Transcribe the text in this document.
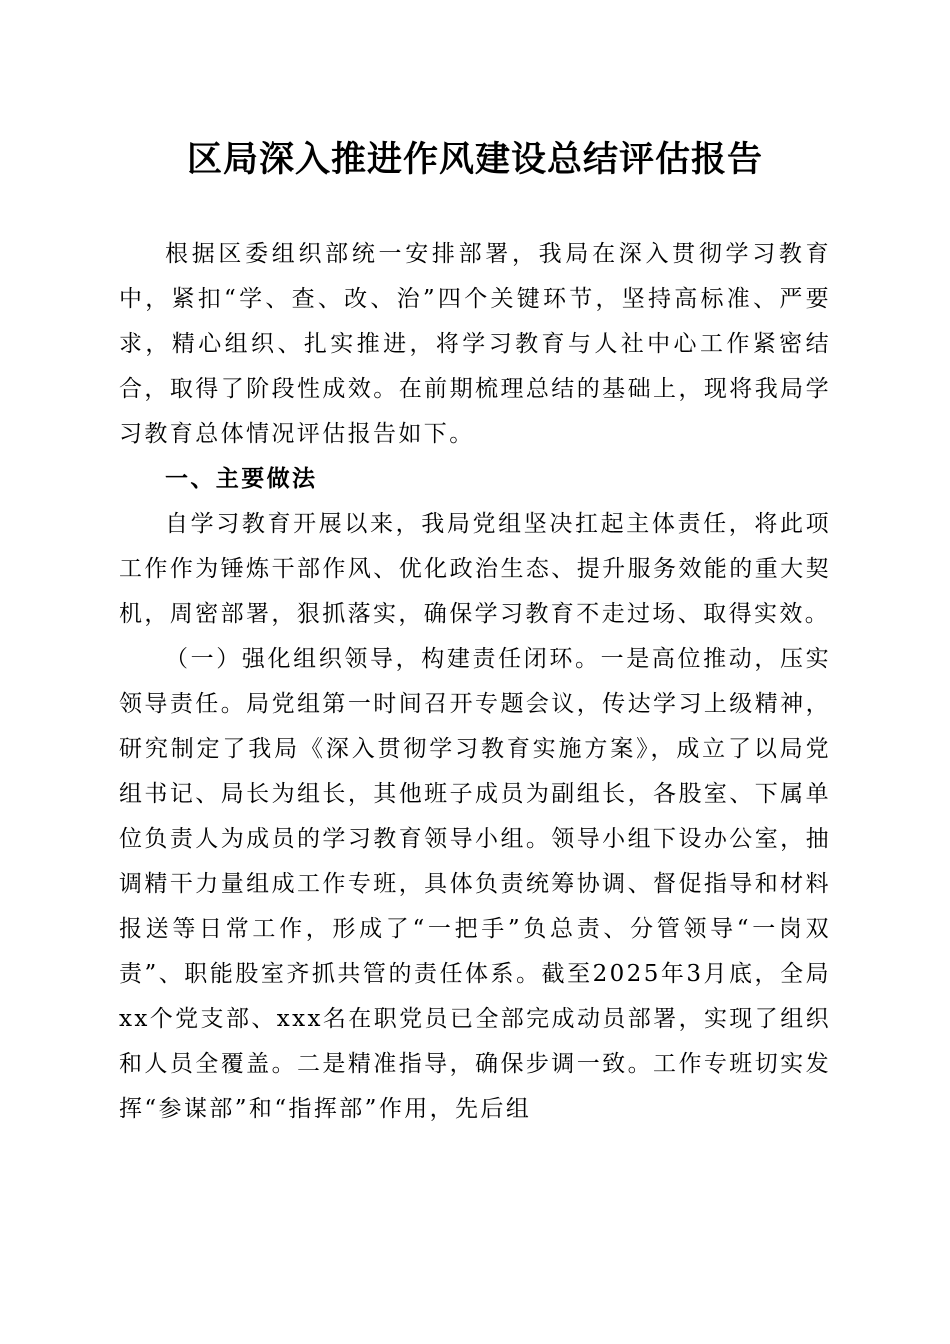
区局深入推进作风建设总结评估报告

根据区委组织部统一安排部署，我局在深入贯彻学习教育中，紧扣“学、查、改、治”四个关键环节，坚持高标准、严要求，精心组织、扎实推进，将学习教育与人社中心工作紧密结合，取得了阶段性成效。在前期梳理总结的基础上，现将我局学习教育总体情况评估报告如下。

一、主要做法

自学习教育开展以来，我局党组坚决扛起主体责任，将此项工作作为锤炼干部作风、优化政治生态、提升服务效能的重大契机，周密部署，狠抓落实，确保学习教育不走过场、取得实效。

（一）强化组织领导，构建责任闭环。一是高位推动，压实领导责任。局党组第一时间召开专题会议，传达学习上级精神，研究制定了我局《深入贯彻学习教育实施方案》，成立了以局党组书记、局长为组长，其他班子成员为副组长，各股室、下属单位负责人为成员的学习教育领导小组。领导小组下设办公室，抽调精干力量组成工作专班，具体负责统筹协调、督促指导和材料报送等日常工作，形成了“一把手”负总责、分管领导“一岗双责”、职能股室齐抓共管的责任体系。截至2025年3月底，全局xx个党支部、xxx名在职党员已全部完成动员部署，实现了组织和人员全覆盖。二是精准指导，确保步调一致。工作专班切实发挥“参谋部”和“指挥部”作用，先后组
